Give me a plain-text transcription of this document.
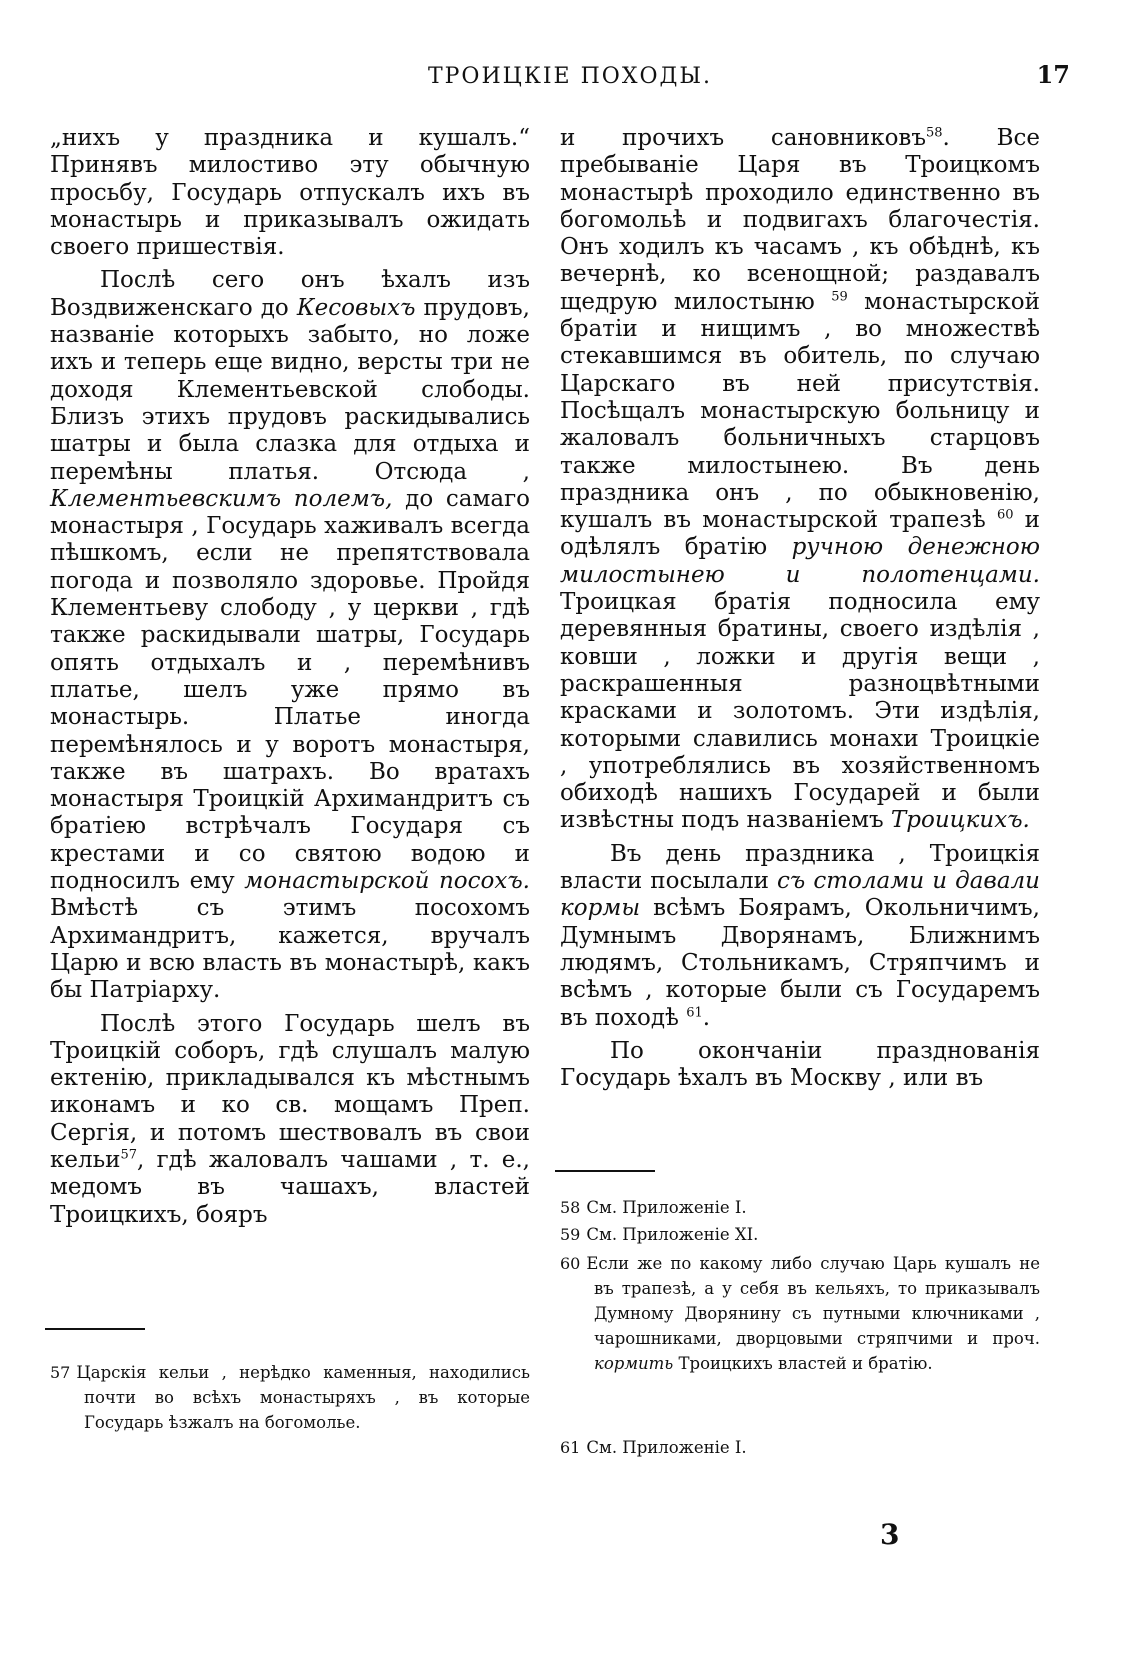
ТРОИЦКІЕ ПОХОДЫ.	17

„нихъ у праздника и кушалъ.“ Принявъ милостиво эту обычную просьбу, Государь отпускалъ ихъ въ монастырь и приказывалъ ожидать своего пришествія.

Послѣ сего онъ ѣхалъ изъ Воздвиженскаго до Кесовыхъ прудовъ, названіе которыхъ забыто, но ложе ихъ и теперь еще видно, версты три не доходя Клементьевской слободы. Близъ этихъ прудовъ раскидывались шатры и была слазка для отдыха и перемѣны платья. Отсюда , Клементьевскимъ полемъ, до самаго монастыря , Государь хаживалъ всегда пѣшкомъ, если не препятствовала погода и позволяло здоровье. Пройдя Клементьеву слободу , у церкви , гдѣ также раскидывали шатры, Государь опять отдыхалъ и , перемѣнивъ платье, шелъ уже прямо въ монастырь. Платье иногда перемѣнялось и у воротъ монастыря, также въ шатрахъ. Во вратахъ монастыря Троицкій Архимандритъ съ братіею встрѣчалъ Государя съ крестами и со святою водою и подносилъ ему монастырской посохъ. Вмѣстѣ съ этимъ посохомъ Архимандритъ, кажется, вручалъ Царю и всю власть въ монастырѣ, какъ бы Патріарху.

Послѣ этого Государь шелъ въ Троицкій соборъ, гдѣ слушалъ малую ектенію, прикладывался къ мѣстнымъ иконамъ и ко св. мощамъ Преп. Сергія, и потомъ шествовалъ въ свои кельи$^{57}$, гдѣ жаловалъ чашами , т. е., медомъ въ чашахъ, властей Троицкихъ, бояръ

и прочихъ сановниковъ$^{58}$. Все пребываніе Царя въ Троицкомъ монастырѣ проходило единственно въ богомольѣ и подвигахъ благочестія. Онъ ходилъ къ часамъ , къ обѣднѣ, къ вечернѣ, ко всенощной; раздавалъ щедрую милостыню $^{59}$ монастырской братіи и нищимъ , во множествѣ стекавшимся въ обитель, по случаю Царскаго въ ней присутствія. Посѣщалъ монастырскую больницу и жаловалъ больничныхъ старцовъ также милостынею. Въ день праздника онъ , по обыкновенію, кушалъ въ монастырской трапезѣ $^{60}$ и одѣлялъ братію ручною денежною милостынею и полотенцами. Троицкая братія подносила ему деревянныя братины, своего издѣлія , ковши , ложки и другія вещи , раскрашенныя разноцвѣтными красками и золотомъ. Эти издѣлія, которыми славились монахи Троицкіе , употреблялись въ хозяйственномъ обиходѣ нашихъ Государей и были извѣстны подъ названіемъ Троицкихъ.

Въ день праздника , Троицкія власти посылали съ столами и давали кормы всѣмъ Боярамъ, Окольничимъ, Думнымъ Дворянамъ, Ближнимъ людямъ, Стольникамъ, Стряпчимъ и всѣмъ , которые были съ Государемъ въ походѣ $^{61}$.

По окончаніи празднованія Государь ѣхалъ въ Москву , или въ

57 Царскія кельи , нерѣдко каменныя, находились почти во всѣхъ монастыряхъ , въ которые Государь ѣзжалъ на богомолье.
58 См. Приложеніе I.
59 См. Приложеніе XI.
60 Если же по какому либо случаю Царь кушалъ не въ трапезѣ, а у себя въ кельяхъ, то приказывалъ Думному Дворянину съ путными ключниками , чарошниками, дворцовыми стряпчими и проч. кормить Троицкихъ властей и братію.
61 См. Приложеніе I.
3
